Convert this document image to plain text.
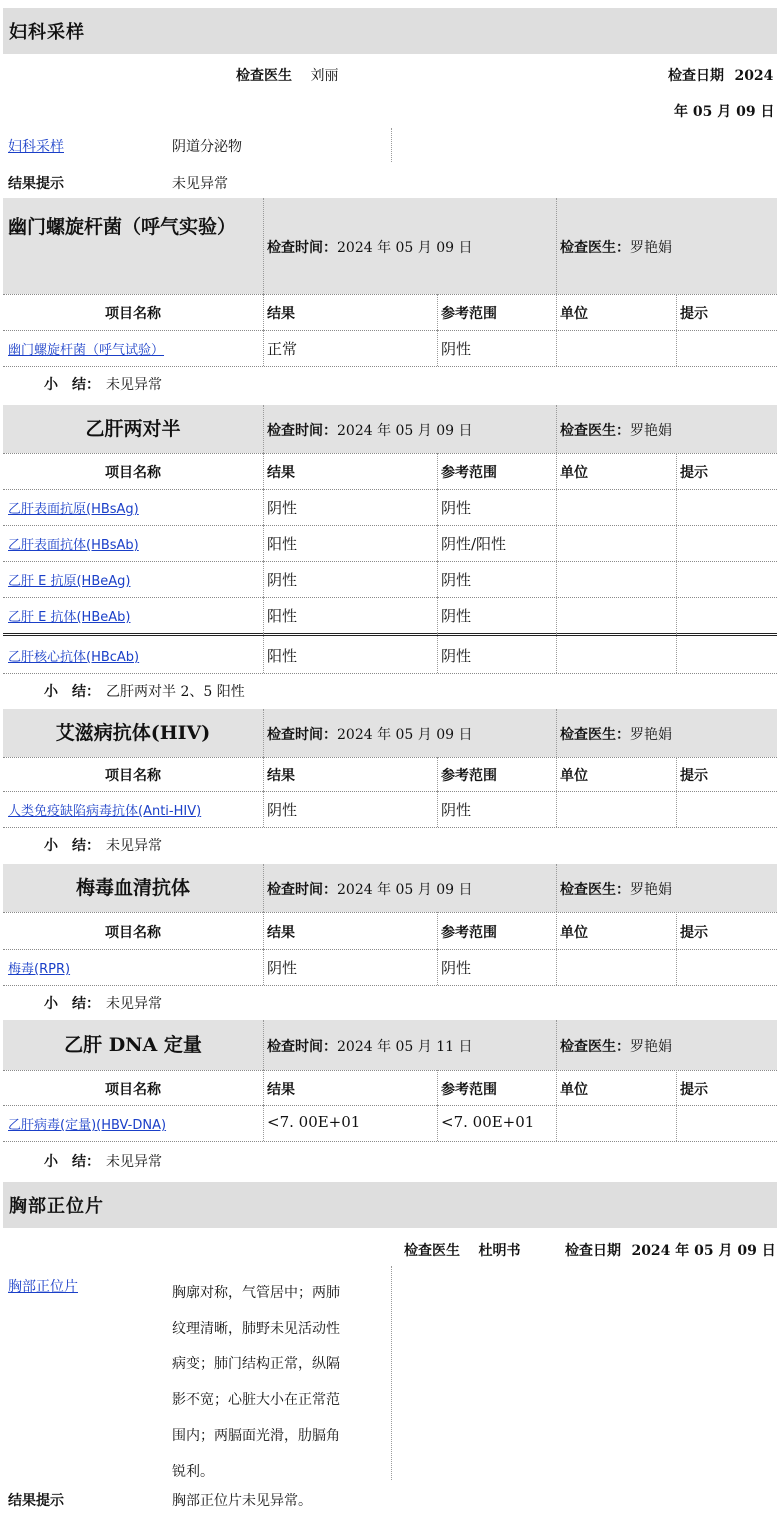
妇科采样
检查医生 刘丽	检查日期 2024
年 05 月 09 日
妇科采样	阴道分泌物
结果提示	未见异常
幽门螺旋杆菌（呼气实验）
检查时间：2024 年 05 月 09 日	检查医生：罗艳娟
项目名称	结果	参考范围	单位	提示
幽门螺旋杆菌（呼气试验）	正常	阴性
小　结： 未见异常
乙肝两对半	检查时间：2024 年 05 月 09 日	检查医生：罗艳娟
项目名称	结果	参考范围	单位	提示
乙肝表面抗原(HBsAg)	阴性	阴性
乙肝表面抗体(HBsAb)	阳性	阴性/阳性
乙肝 E 抗原(HBeAg)	阴性	阴性
乙肝 E 抗体(HBeAb)	阳性	阴性
乙肝核心抗体(HBcAb)	阳性	阴性
小　结： 乙肝两对半 2、5 阳性
艾滋病抗体(HIV)	检查时间：2024 年 05 月 09 日	检查医生：罗艳娟
项目名称	结果	参考范围	单位	提示
人类免疫缺陷病毒抗体(Anti-HIV)	阴性	阴性
小　结： 未见异常
梅毒血清抗体	检查时间：2024 年 05 月 09 日	检查医生：罗艳娟
项目名称	结果	参考范围	单位	提示
梅毒(RPR)	阴性	阴性
小　结： 未见异常
乙肝 DNA 定量	检查时间：2024 年 05 月 11 日	检查医生：罗艳娟
项目名称	结果	参考范围	单位	提示
乙肝病毒(定量)(HBV-DNA)	<7. 00E+01	<7. 00E+01
小　结： 未见异常
胸部正位片
检查医生 杜明书	检查日期 2024 年 05 月 09 日
胸部正位片	胸廓对称，气管居中；两肺
纹理清晰，肺野未见活动性
病变；肺门结构正常，纵隔
影不宽；心脏大小在正常范
围内；两膈面光滑，肋膈角
锐利。
结果提示	胸部正位片未见异常。
